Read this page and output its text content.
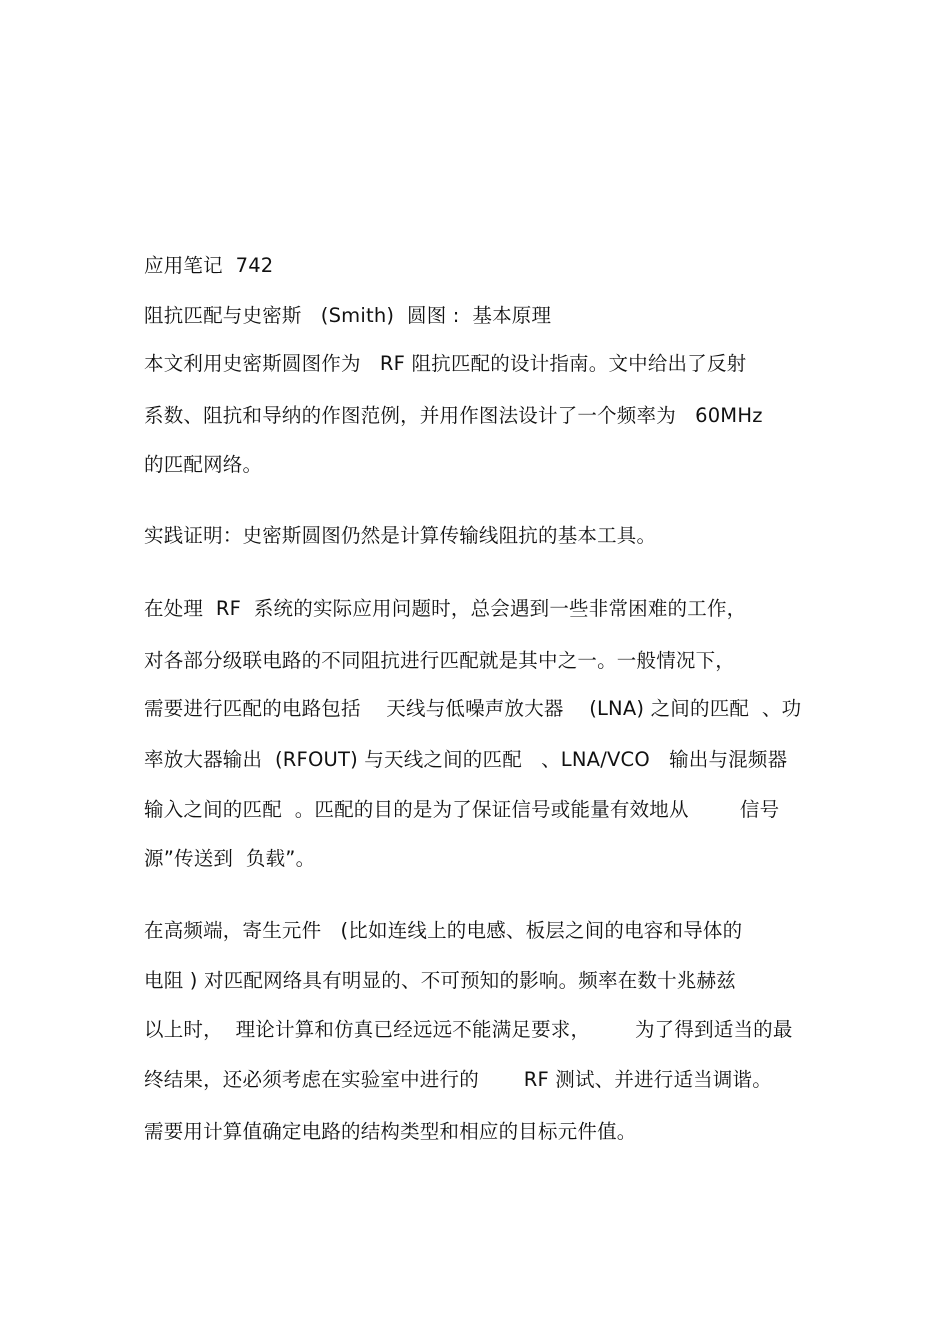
应用笔记  742
阻抗匹配与史密斯   (Smith)  圆图 :  基本原理
本文利用史密斯圆图作为   RF 阻抗匹配的设计指南。文中给出了反射
系数、阻抗和导纳的作图范例，并用作图法设计了一个频率为   60MHz
的匹配网络。
实践证明：史密斯圆图仍然是计算传输线阻抗的基本工具。
在处理  RF  系统的实际应用问题时，总会遇到一些非常困难的工作，
对各部分级联电路的不同阻抗进行匹配就是其中之一。一般情况下，
需要进行匹配的电路包括    天线与低噪声放大器    (LNA) 之间的匹配  、功
率放大器输出  (RFOUT) 与天线之间的匹配   、LNA/VCO   输出与混频器
输入之间的匹配  。匹配的目的是为了保证信号或能量有效地从        信号
源”传送到  负载”。
在高频端，寄生元件   (比如连线上的电感、板层之间的电容和导体的
电阻 ) 对匹配网络具有明显的、不可预知的影响。频率在数十兆赫兹
以上时，  理论计算和仿真已经远远不能满足要求，       为了得到适当的最
终结果，还必须考虑在实验室中进行的       RF 测试、并进行适当调谐。
需要用计算值确定电路的结构类型和相应的目标元件值。
